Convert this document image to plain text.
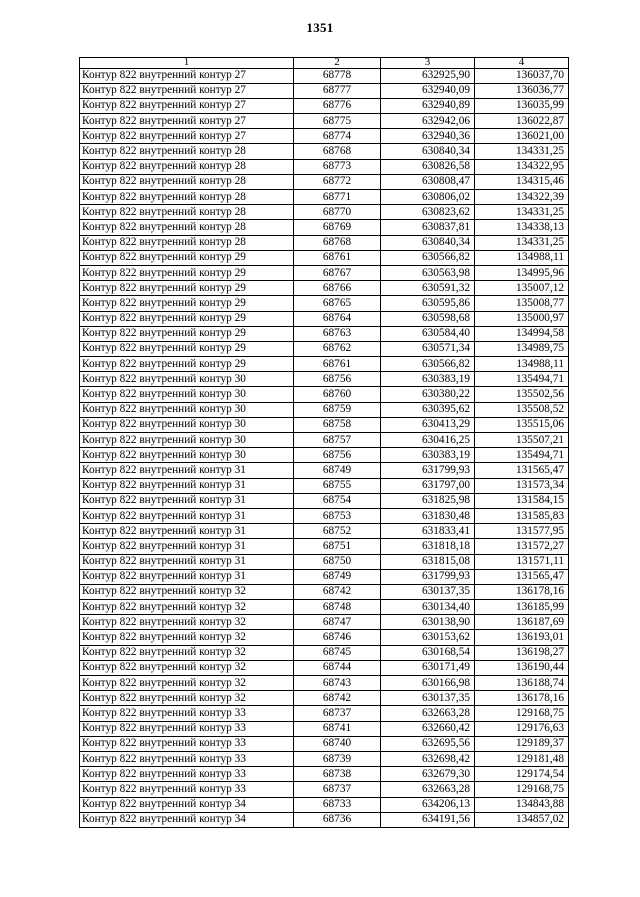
1351
1	2	3	4
Контур 822 внутренний контур 27	68778	632925,90	136037,70
Контур 822 внутренний контур 27	68777	632940,09	136036,77
Контур 822 внутренний контур 27	68776	632940,89	136035,99
Контур 822 внутренний контур 27	68775	632942,06	136022,87
Контур 822 внутренний контур 27	68774	632940,36	136021,00
Контур 822 внутренний контур 28	68768	630840,34	134331,25
Контур 822 внутренний контур 28	68773	630826,58	134322,95
Контур 822 внутренний контур 28	68772	630808,47	134315,46
Контур 822 внутренний контур 28	68771	630806,02	134322,39
Контур 822 внутренний контур 28	68770	630823,62	134331,25
Контур 822 внутренний контур 28	68769	630837,81	134338,13
Контур 822 внутренний контур 28	68768	630840,34	134331,25
Контур 822 внутренний контур 29	68761	630566,82	134988,11
Контур 822 внутренний контур 29	68767	630563,98	134995,96
Контур 822 внутренний контур 29	68766	630591,32	135007,12
Контур 822 внутренний контур 29	68765	630595,86	135008,77
Контур 822 внутренний контур 29	68764	630598,68	135000,97
Контур 822 внутренний контур 29	68763	630584,40	134994,58
Контур 822 внутренний контур 29	68762	630571,34	134989,75
Контур 822 внутренний контур 29	68761	630566,82	134988,11
Контур 822 внутренний контур 30	68756	630383,19	135494,71
Контур 822 внутренний контур 30	68760	630380,22	135502,56
Контур 822 внутренний контур 30	68759	630395,62	135508,52
Контур 822 внутренний контур 30	68758	630413,29	135515,06
Контур 822 внутренний контур 30	68757	630416,25	135507,21
Контур 822 внутренний контур 30	68756	630383,19	135494,71
Контур 822 внутренний контур 31	68749	631799,93	131565,47
Контур 822 внутренний контур 31	68755	631797,00	131573,34
Контур 822 внутренний контур 31	68754	631825,98	131584,15
Контур 822 внутренний контур 31	68753	631830,48	131585,83
Контур 822 внутренний контур 31	68752	631833,41	131577,95
Контур 822 внутренний контур 31	68751	631818,18	131572,27
Контур 822 внутренний контур 31	68750	631815,08	131571,11
Контур 822 внутренний контур 31	68749	631799,93	131565,47
Контур 822 внутренний контур 32	68742	630137,35	136178,16
Контур 822 внутренний контур 32	68748	630134,40	136185,99
Контур 822 внутренний контур 32	68747	630138,90	136187,69
Контур 822 внутренний контур 32	68746	630153,62	136193,01
Контур 822 внутренний контур 32	68745	630168,54	136198,27
Контур 822 внутренний контур 32	68744	630171,49	136190,44
Контур 822 внутренний контур 32	68743	630166,98	136188,74
Контур 822 внутренний контур 32	68742	630137,35	136178,16
Контур 822 внутренний контур 33	68737	632663,28	129168,75
Контур 822 внутренний контур 33	68741	632660,42	129176,63
Контур 822 внутренний контур 33	68740	632695,56	129189,37
Контур 822 внутренний контур 33	68739	632698,42	129181,48
Контур 822 внутренний контур 33	68738	632679,30	129174,54
Контур 822 внутренний контур 33	68737	632663,28	129168,75
Контур 822 внутренний контур 34	68733	634206,13	134843,88
Контур 822 внутренний контур 34	68736	634191,56	134857,02
